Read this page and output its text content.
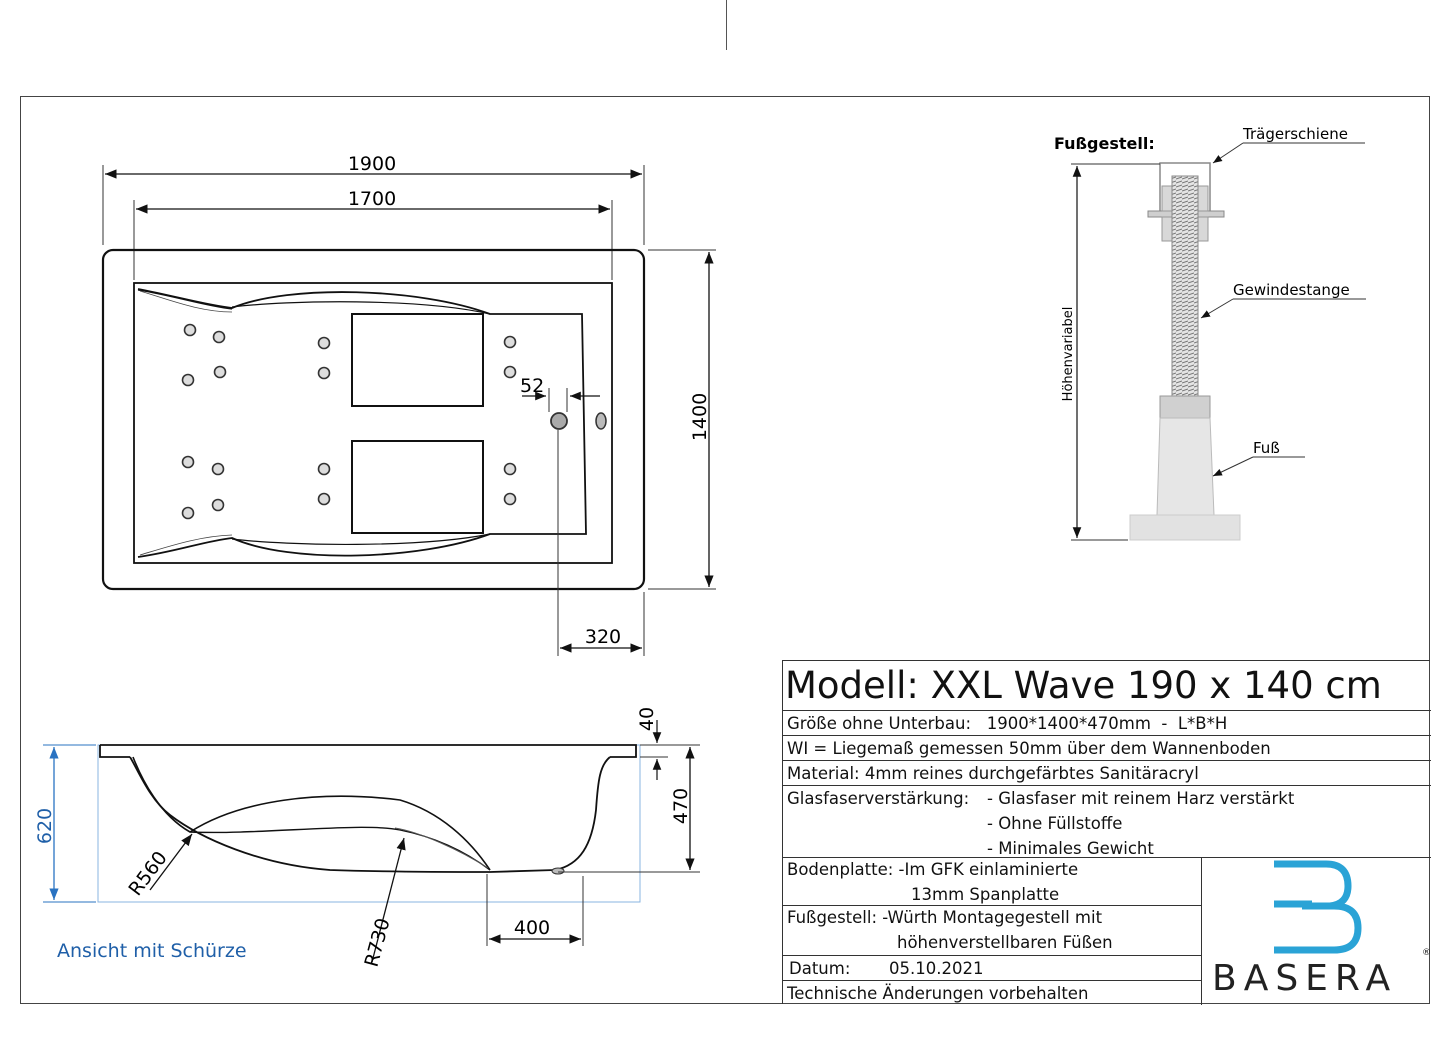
1900
1700
52
1400
320
620
40
470
R560
R730	400
Fußgestell:
Höhenvariabel
Trägerschiene
Gewindestange
Fuß
Ansicht mit Schürze
Modell: XXL Wave 190 x 140 cm
Größe ohne Unterbau:   1900*1400*470mm  -  L*B*H
WI = Liegemaß gemessen 50mm über dem Wannenboden
Material: 4mm reines durchgefärbtes Sanitäracryl

Glasfaserverstärkung:

- Glasfaser mit reinem Harz verstärkt

- Ohne Füllstoffe

- Minimales Gewicht

Bodenplatte: -Im GFK einlaminierte

13mm Spanplatte

Fußgestell: -Würth Montagegestell mit

höhenverstellbaren Füßen

Datum:

05.10.2021

Technische Änderungen vorbehalten	BASERA
®
